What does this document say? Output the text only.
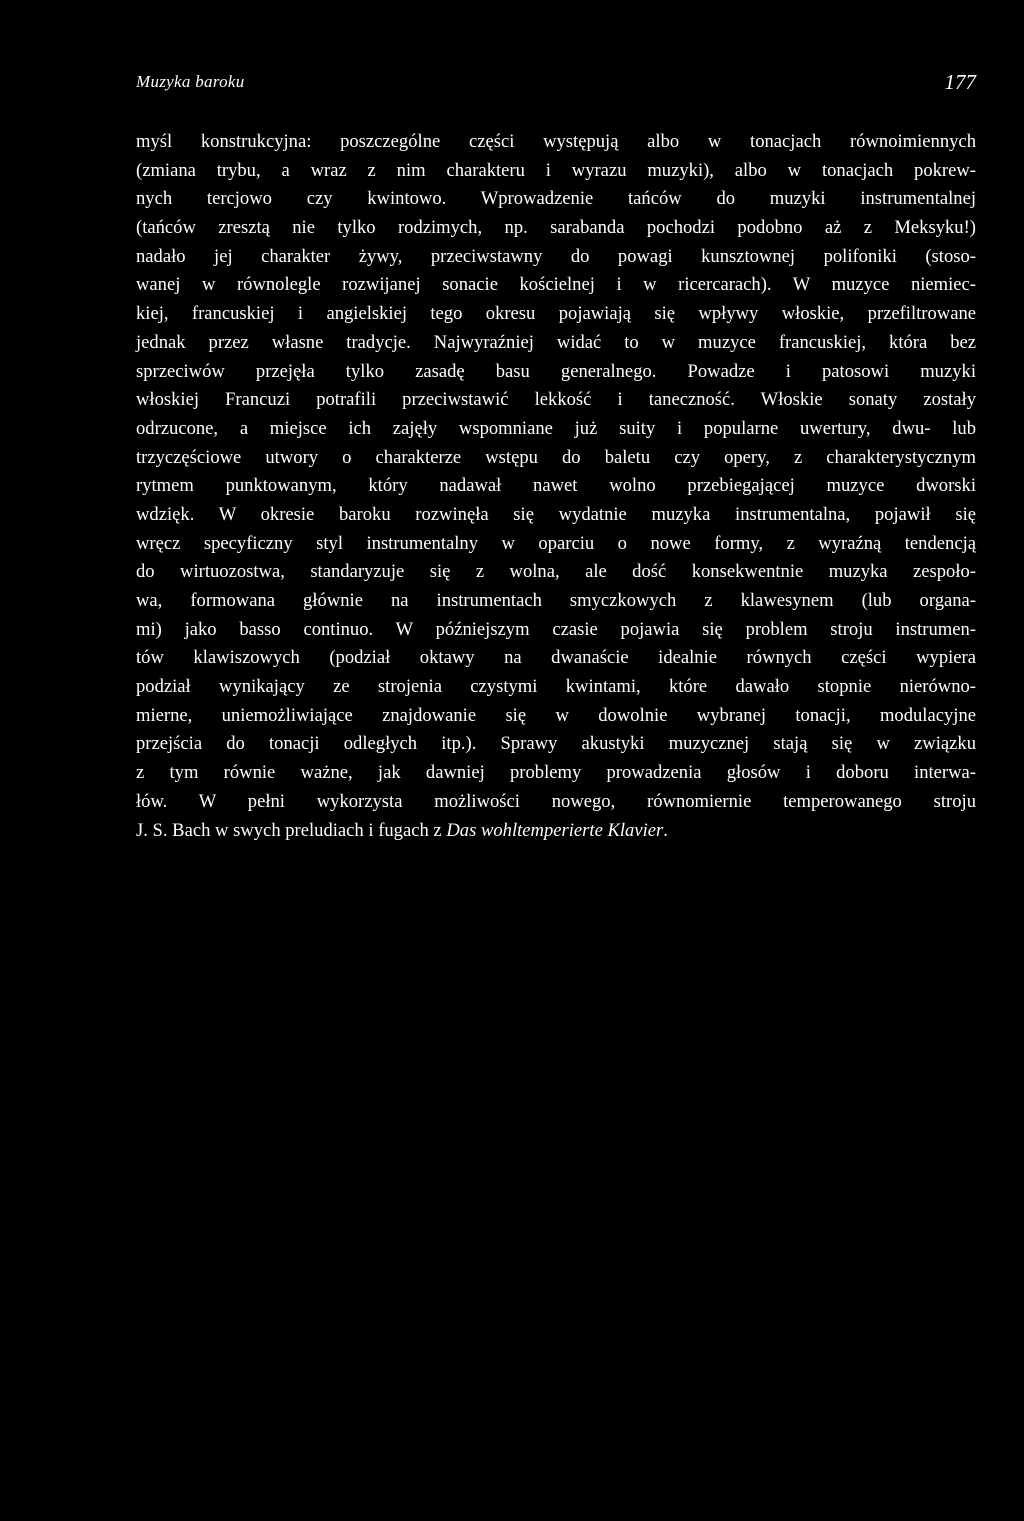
Muzyka baroku	177
myśl konstrukcyjna: poszczególne części występują albo w tonacjach równoimiennych
(zmiana trybu, a wraz z nim charakteru i wyrazu muzyki), albo w tonacjach pokrew-
nych tercjowo czy kwintowo. Wprowadzenie tańców do muzyki instrumentalnej
(tańców zresztą nie tylko rodzimych, np. sarabanda pochodzi podobno aż z Meksyku!)
nadało jej charakter żywy, przeciwstawny do powagi kunsztownej polifoniki (stoso-
wanej w równolegle rozwijanej sonacie kościelnej i w ricercarach). W muzyce niemiec-
kiej, francuskiej i angielskiej tego okresu pojawiają się wpływy włoskie, przefiltrowane
jednak przez własne tradycje. Najwyraźniej widać to w muzyce francuskiej, która bez
sprzeciwów przejęła tylko zasadę basu generalnego. Powadze i patosowi muzyki
włoskiej Francuzi potrafili przeciwstawić lekkość i taneczność. Włoskie sonaty zostały
odrzucone, a miejsce ich zajęły wspomniane już suity i popularne uwertury, dwu- lub
trzyczęściowe utwory o charakterze wstępu do baletu czy opery, z charakterystycznym
rytmem punktowanym, który nadawał nawet wolno przebiegającej muzyce dworski
wdzięk. W okresie baroku rozwinęła się wydatnie muzyka instrumentalna, pojawił się
wręcz specyficzny styl instrumentalny w oparciu o nowe formy, z wyraźną tendencją
do wirtuozostwa, standaryzuje się z wolna, ale dość konsekwentnie muzyka zespoło-
wa, formowana głównie na instrumentach smyczkowych z klawesynem (lub organa-
mi) jako basso continuo. W późniejszym czasie pojawia się problem stroju instrumen-
tów klawiszowych (podział oktawy na dwanaście idealnie równych części wypiera
podział wynikający ze strojenia czystymi kwintami, które dawało stopnie nierówno-
mierne, uniemożliwiające znajdowanie się w dowolnie wybranej tonacji, modulacyjne
przejścia do tonacji odległych itp.). Sprawy akustyki muzycznej stają się w związku
z tym równie ważne, jak dawniej problemy prowadzenia głosów i doboru interwa-
łów. W pełni wykorzysta możliwości nowego, równomiernie temperowanego stroju
J. S. Bach w swych preludiach i fugach z Das wohltemperierte Klavier.
